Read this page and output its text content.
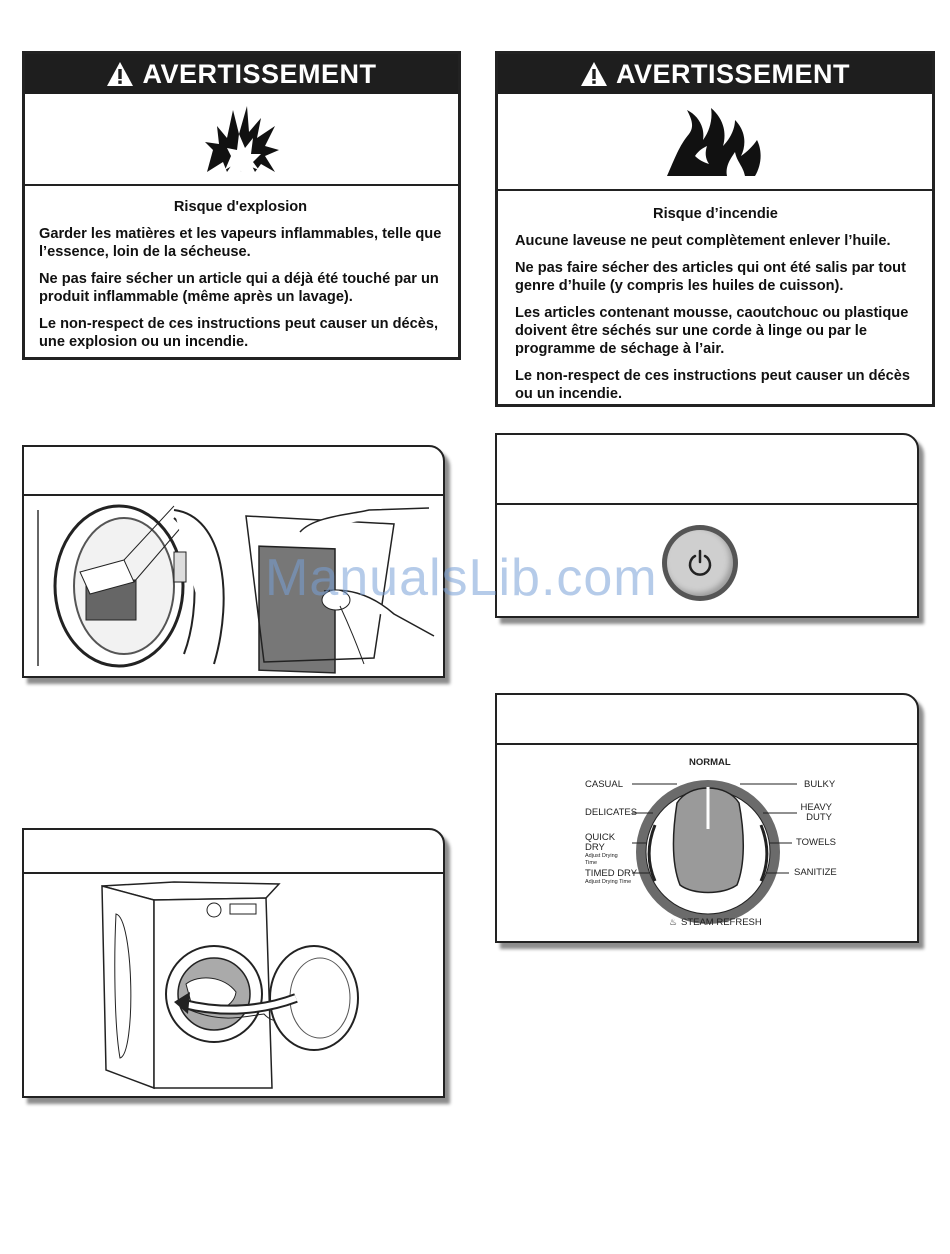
AVERTISSEMENT
Risque d'explosion

Garder les matières et les vapeurs inflammables, telle que l’essence, loin de la sécheuse.

Ne pas faire sécher un article qui a déjà été touché par un produit inflammable (même après un lavage).

Le non-respect de ces instructions peut causer un décès, une explosion ou un incendie.

AVERTISSEMENT
Risque d’incendie

Aucune laveuse ne peut complètement enlever l’huile.

Ne pas faire sécher des articles qui ont été salis par tout genre d’huile (y compris les huiles de cuisson).

Les articles contenant mousse, caoutchouc ou plastique doivent être séchés sur une corde à linge ou par le programme de séchage à l’air.

Le non-respect de ces instructions peut causer un décès ou un incendie.

NORMAL
CASUAL
DELICATES
QUICK DRY
Adjust Drying Time
TIMED DRY
Adjust Drying Time
BULKY
HEAVY DUTY
TOWELS
SANITIZE
♨ STEAM REFRESH
ManualsLib.com
